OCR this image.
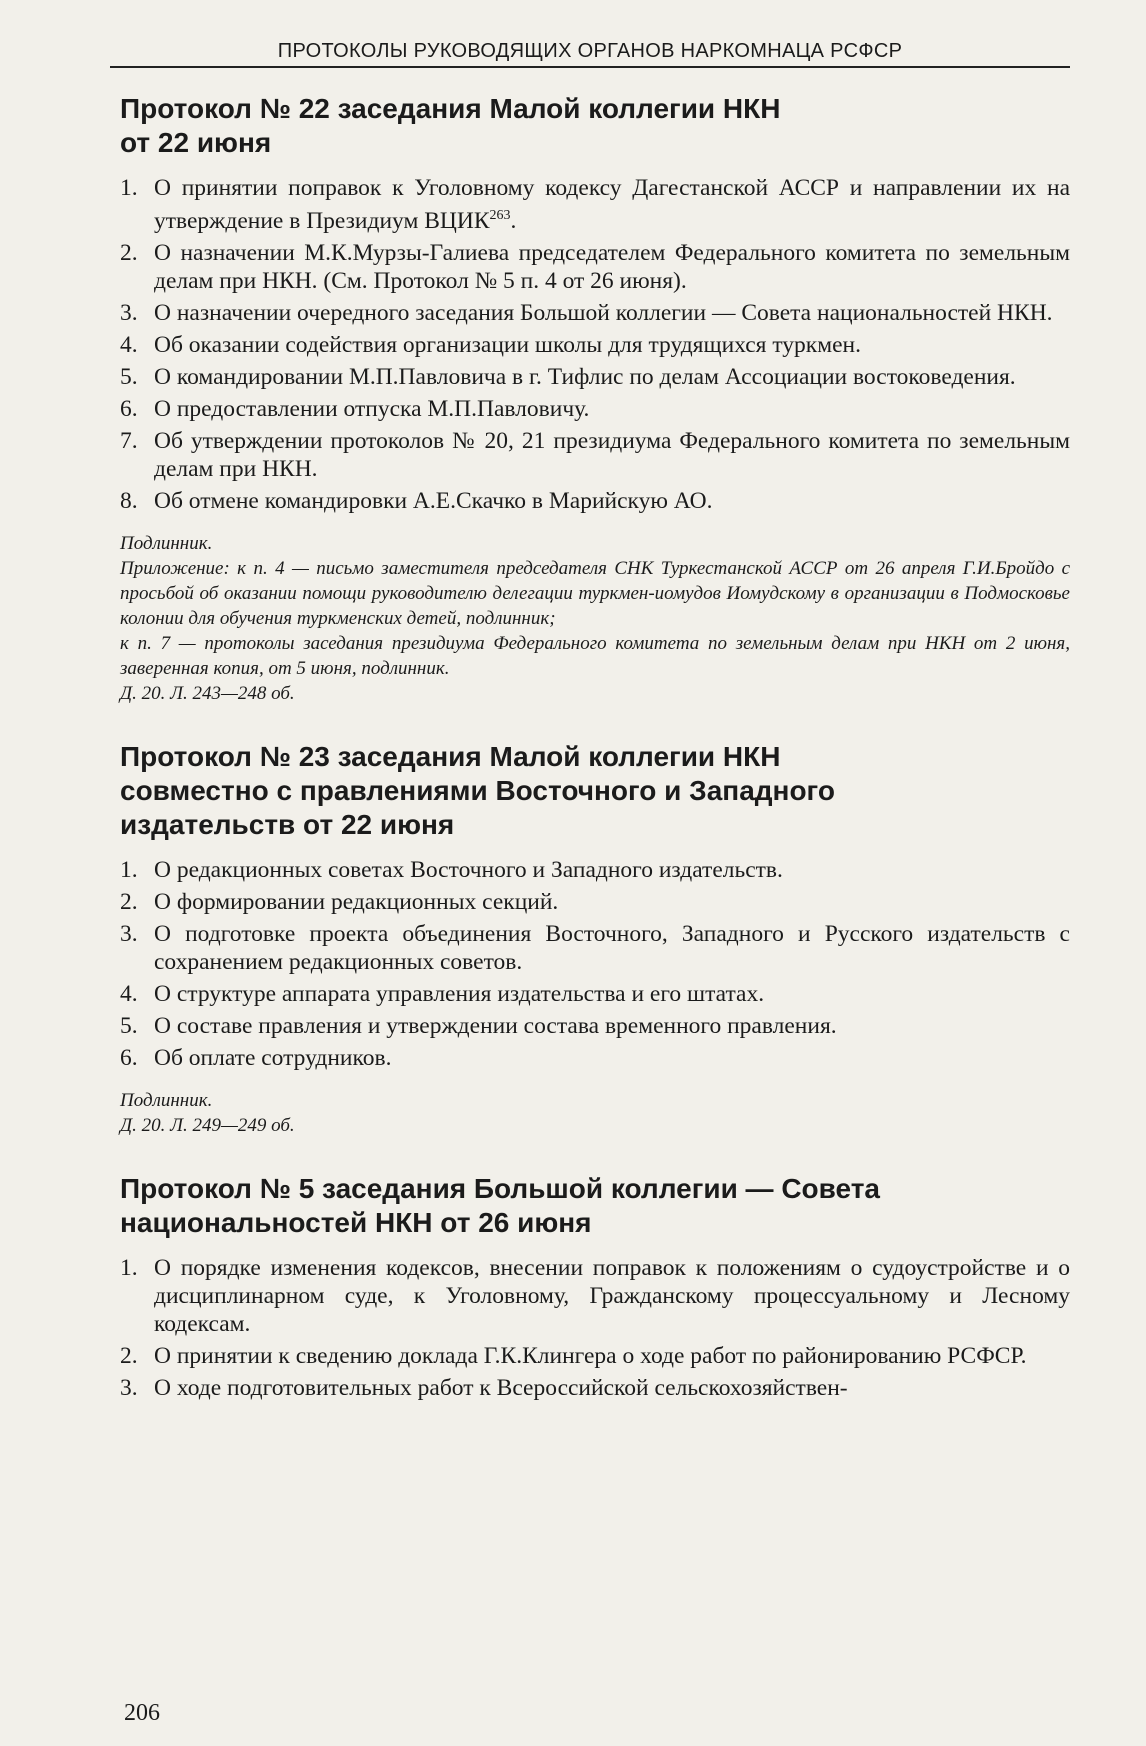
ПРОТОКОЛЫ РУКОВОДЯЩИХ ОРГАНОВ НАРКОМНАЦА РСФСР
Протокол № 22 заседания Малой коллегии НКН
от 22 июня
1. О принятии поправок к Уголовному кодексу Дагестанской АССР и направлении их на утверждение в Президиум ВЦИК$^{263}$.
2. О назначении М.К.Мурзы-Галиева председателем Федерального комитета по земельным делам при НКН. (См. Протокол № 5 п. 4 от 26 июня).
3. О назначении очередного заседания Большой коллегии — Совета национальностей НКН.
4. Об оказании содействия организации школы для трудящихся туркмен.
5. О командировании М.П.Павловича в г. Тифлис по делам Ассоциации востоковедения.
6. О предоставлении отпуска М.П.Павловичу.
7. Об утверждении протоколов № 20, 21 президиума Федерального комитета по земельным делам при НКН.
8. Об отмене командировки А.Е.Скачко в Марийскую АО.

Подлинник.

Приложение: к п. 4 — письмо заместителя председателя СНК Туркестанской АССР от 26 апреля Г.И.Бройдо с просьбой об оказании помощи руководителю делегации туркмен-иомудов Иомудскому в организации в Подмосковье колонии для обучения туркменских детей, подлинник;

к п. 7 — протоколы заседания президиума Федерального комитета по земельным делам при НКН от 2 июня, заверенная копия, от 5 июня, подлинник.

Д. 20. Л. 243—248 об.

Протокол № 23 заседания Малой коллегии НКН
совместно с правлениями Восточного и Западного
издательств от 22 июня
1. О редакционных советах Восточного и Западного издательств.
2. О формировании редакционных секций.
3. О подготовке проекта объединения Восточного, Западного и Русского издательств с сохранением редакционных советов.
4. О структуре аппарата управления издательства и его штатах.
5. О составе правления и утверждении состава временного правления.
6. Об оплате сотрудников.

Подлинник.

Д. 20. Л. 249—249 об.

Протокол № 5 заседания Большой коллегии — Совета
национальностей НКН от 26 июня
1. О порядке изменения кодексов, внесении поправок к положениям о судоустройстве и о дисциплинарном суде, к Уголовному, Гражданскому процессуальному и Лесному кодексам.
2. О принятии к сведению доклада Г.К.Клингера о ходе работ по районированию РСФСР.
3. О ходе подготовительных работ к Всероссийской сельскохозяйствен-
206
